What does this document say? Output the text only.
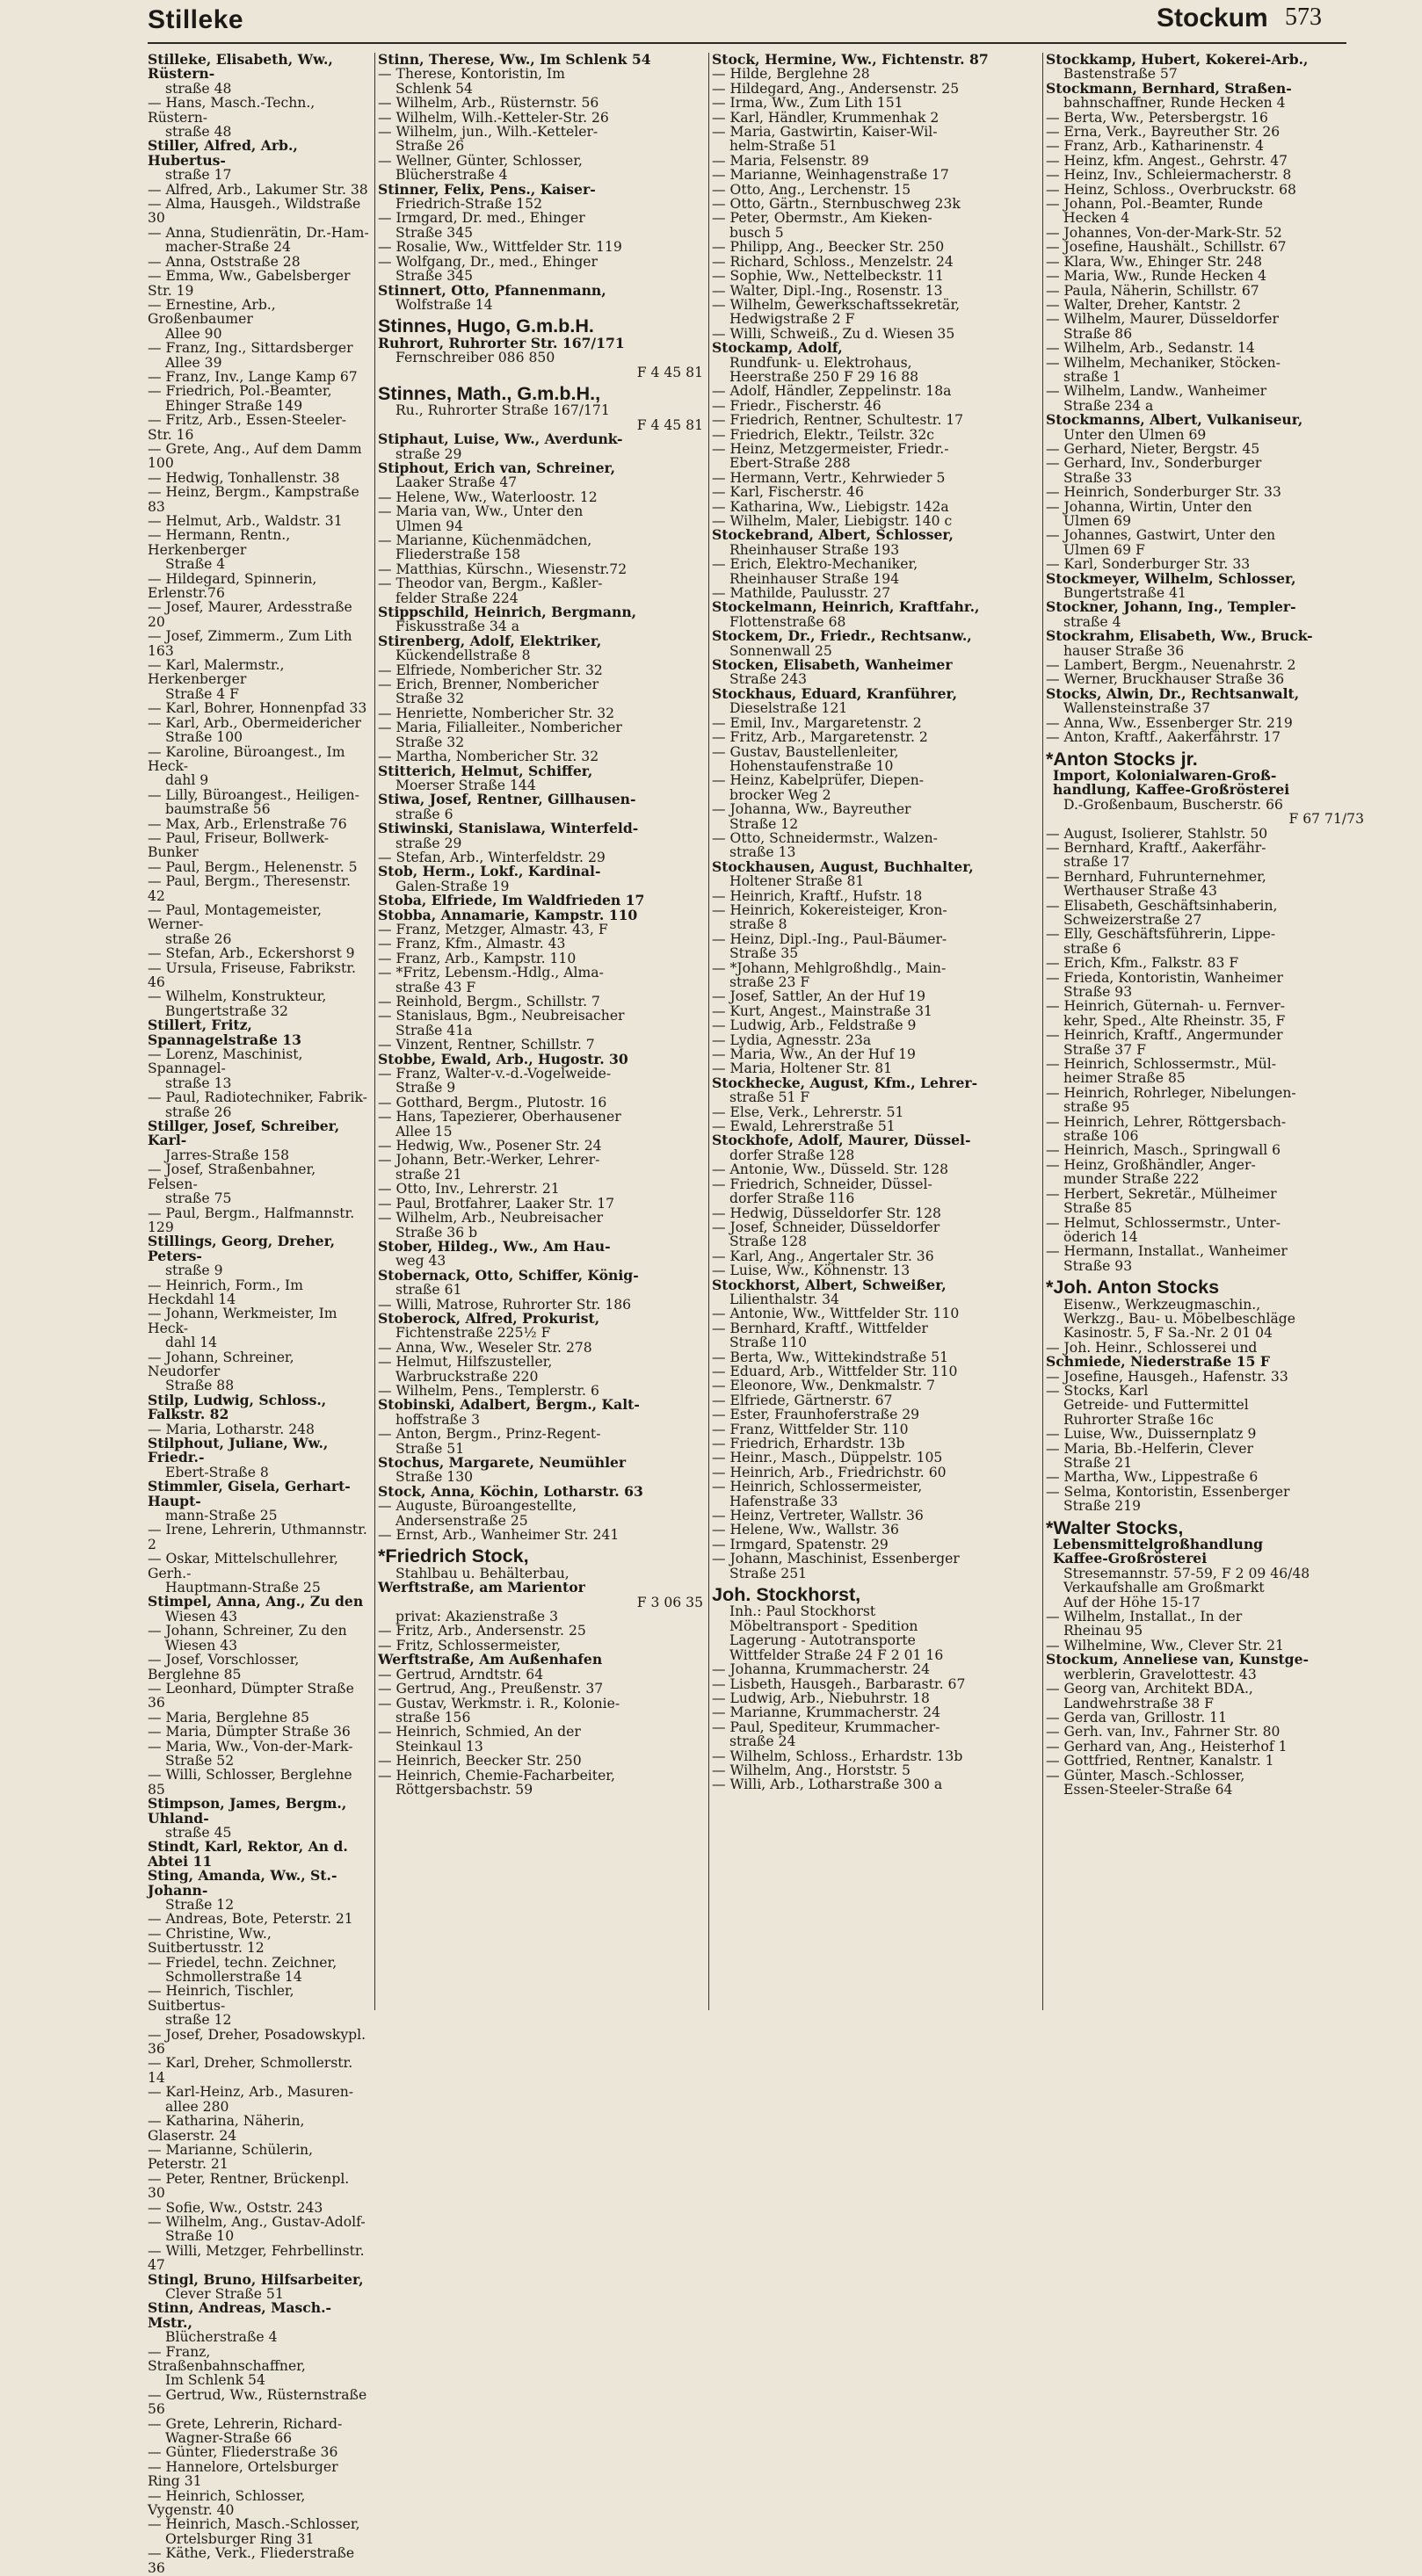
Stilleke	Stockum 573
Stilleke, Elisabeth, Ww., Rüstern-
straße 48
— Hans, Masch.-Techn., Rüstern-
straße 48
Stiller, Alfred, Arb., Hubertus-
straße 17
— Alfred, Arb., Lakumer Str. 38
— Alma, Hausgeh., Wildstraße 30
— Anna, Studienrätin, Dr.-Ham-
macher-Straße 24
— Anna, Oststraße 28
— Emma, Ww., Gabelsberger Str. 19
— Ernestine, Arb., Großenbaumer
Allee 90
— Franz, Ing., Sittardsberger
Allee 39
— Franz, Inv., Lange Kamp 67
— Friedrich, Pol.-Beamter,
Ehinger Straße 149
— Fritz, Arb., Essen-Steeler-Str. 16
— Grete, Ang., Auf dem Damm 100
— Hedwig, Tonhallenstr. 38
— Heinz, Bergm., Kampstraße 83
— Helmut, Arb., Waldstr. 31
— Hermann, Rentn., Herkenberger
Straße 4
— Hildegard, Spinnerin, Erlenstr.76
— Josef, Maurer, Ardesstraße 20
— Josef, Zimmerm., Zum Lith 163
— Karl, Malermstr., Herkenberger
Straße 4 F
— Karl, Bohrer, Honnenpfad 33
— Karl, Arb., Obermeidericher
Straße 100
— Karoline, Büroangest., Im Heck-
dahl 9
— Lilly, Büroangest., Heiligen-
baumstraße 56
— Max, Arb., Erlenstraße 76
— Paul, Friseur, Bollwerk-Bunker
— Paul, Bergm., Helenenstr. 5
— Paul, Bergm., Theresenstr. 42
— Paul, Montagemeister, Werner-
straße 26
— Stefan, Arb., Eckershorst 9
— Ursula, Friseuse, Fabrikstr. 46
— Wilhelm, Konstrukteur,
Bungertstraße 32
Stillert, Fritz, Spannagelstraße 13
— Lorenz, Maschinist, Spannagel-
straße 13
— Paul, Radiotechniker, Fabrik-
straße 26
Stillger, Josef, Schreiber, Karl-
Jarres-Straße 158
— Josef, Straßenbahner, Felsen-
straße 75
— Paul, Bergm., Halfmannstr. 129
Stillings, Georg, Dreher, Peters-
straße 9
— Heinrich, Form., Im Heckdahl 14
— Johann, Werkmeister, Im Heck-
dahl 14
— Johann, Schreiner, Neudorfer
Straße 88
Stilp, Ludwig, Schloss., Falkstr. 82
— Maria, Lotharstr. 248
Stilphout, Juliane, Ww., Friedr.-
Ebert-Straße 8
Stimmler, Gisela, Gerhart-Haupt-
mann-Straße 25
— Irene, Lehrerin, Uthmannstr. 2
— Oskar, Mittelschullehrer, Gerh.-
Hauptmann-Straße 25
Stimpel, Anna, Ang., Zu den
Wiesen 43
— Johann, Schreiner, Zu den
Wiesen 43
— Josef, Vorschlosser, Berglehne 85
— Leonhard, Dümpter Straße 36
— Maria, Berglehne 85
— Maria, Dümpter Straße 36
— Maria, Ww., Von-der-Mark-
Straße 52
— Willi, Schlosser, Berglehne 85
Stimpson, James, Bergm., Uhland-
straße 45
Stindt, Karl, Rektor, An d. Abtei 11
Sting, Amanda, Ww., St.-Johann-
Straße 12
— Andreas, Bote, Peterstr. 21
— Christine, Ww., Suitbertusstr. 12
— Friedel, techn. Zeichner,
Schmollerstraße 14
— Heinrich, Tischler, Suitbertus-
straße 12
— Josef, Dreher, Posadowskypl. 36
— Karl, Dreher, Schmollerstr. 14
— Karl-Heinz, Arb., Masuren-
allee 280
— Katharina, Näherin, Glaserstr. 24
— Marianne, Schülerin, Peterstr. 21
— Peter, Rentner, Brückenpl. 30
— Sofie, Ww., Oststr. 243
— Wilhelm, Ang., Gustav-Adolf-
Straße 10
— Willi, Metzger, Fehrbellinstr. 47
Stingl, Bruno, Hilfsarbeiter,
Clever Straße 51
Stinn, Andreas, Masch.-Mstr.,
Blücherstraße 4
— Franz, Straßenbahnschaffner,
Im Schlenk 54
— Gertrud, Ww., Rüsternstraße 56
— Grete, Lehrerin, Richard-
Wagner-Straße 66
— Günter, Fliederstraße 36
— Hannelore, Ortelsburger Ring 31
— Heinrich, Schlosser, Vygenstr. 40
— Heinrich, Masch.-Schlosser,
Ortelsburger Ring 31
— Käthe, Verk., Fliederstraße 36
Stinn, Therese, Ww., Im Schlenk 54
— Therese, Kontoristin, Im
Schlenk 54
— Wilhelm, Arb., Rüsternstr. 56
— Wilhelm, Wilh.-Ketteler-Str. 26
— Wilhelm, jun., Wilh.-Ketteler-
Straße 26
— Wellner, Günter, Schlosser,
Blücherstraße 4
Stinner, Felix, Pens., Kaiser-
Friedrich-Straße 152
— Irmgard, Dr. med., Ehinger
Straße 345
— Rosalie, Ww., Wittfelder Str. 119
— Wolfgang, Dr., med., Ehinger
Straße 345
Stinnert, Otto, Pfannenmann,
Wolfstraße 14
Stinnes, Hugo, G.m.b.H.
Ruhrort, Ruhrorter Str. 167/171
Fernschreiber 086 850
F 4 45 81
Stinnes, Math., G.m.b.H.,
Ru., Ruhrorter Straße 167/171
F 4 45 81
Stiphaut, Luise, Ww., Averdunk-
straße 29
Stiphout, Erich van, Schreiner,
Laaker Straße 47
— Helene, Ww., Waterloostr. 12
— Maria van, Ww., Unter den
Ulmen 94
— Marianne, Küchenmädchen,
Fliederstraße 158
— Matthias, Kürschn., Wiesenstr.72
— Theodor van, Bergm., Kaßler-
felder Straße 224
Stippschild, Heinrich, Bergmann,
Fiskusstraße 34 a
Stirenberg, Adolf, Elektriker,
Kückendellstraße 8
— Elfriede, Nombericher Str. 32
— Erich, Brenner, Nombericher
Straße 32
— Henriette, Nombericher Str. 32
— Maria, Filialleiter., Nombericher
Straße 32
— Martha, Nombericher Str. 32
Stitterich, Helmut, Schiffer,
Moerser Straße 144
Stiwa, Josef, Rentner, Gillhausen-
straße 6
Stiwinski, Stanislawa, Winterfeld-
straße 29
— Stefan, Arb., Winterfeldstr. 29
Stob, Herm., Lokf., Kardinal-
Galen-Straße 19
Stoba, Elfriede, Im Waldfrieden 17
Stobba, Annamarie, Kampstr. 110
— Franz, Metzger, Almastr. 43, F
— Franz, Kfm., Almastr. 43
— Franz, Arb., Kampstr. 110
— *Fritz, Lebensm.-Hdlg., Alma-
straße 43 F
— Reinhold, Bergm., Schillstr. 7
— Stanislaus, Bgm., Neubreisacher
Straße 41a
— Vinzent, Rentner, Schillstr. 7
Stobbe, Ewald, Arb., Hugostr. 30
— Franz, Walter-v.-d.-Vogelweide-
Straße 9
— Gotthard, Bergm., Plutostr. 16
— Hans, Tapezierer, Oberhausener
Allee 15
— Hedwig, Ww., Posener Str. 24
— Johann, Betr.-Werker, Lehrer-
straße 21
— Otto, Inv., Lehrerstr. 21
— Paul, Brotfahrer, Laaker Str. 17
— Wilhelm, Arb., Neubreisacher
Straße 36 b
Stober, Hildeg., Ww., Am Hau-
weg 43
Stobernack, Otto, Schiffer, König-
straße 61
— Willi, Matrose, Ruhrorter Str. 186
Stoberock, Alfred, Prokurist,
Fichtenstraße 225½ F
— Anna, Ww., Weseler Str. 278
— Helmut, Hilfszusteller,
Warbruckstraße 220
— Wilhelm, Pens., Templerstr. 6
Stobinski, Adalbert, Bergm., Kalt-
hoffstraße 3
— Anton, Bergm., Prinz-Regent-
Straße 51
Stochus, Margarete, Neumühler
Straße 130
Stock, Anna, Köchin, Lotharstr. 63
— Auguste, Büroangestellte,
Andersenstraße 25
— Ernst, Arb., Wanheimer Str. 241
*Friedrich Stock,
Stahlbau u. Behälterbau,
Werftstraße, am Marientor
F 3 06 35
privat: Akazienstraße 3
— Fritz, Arb., Andersenstr. 25
— Fritz, Schlossermeister,
Werftstraße, Am Außenhafen
— Gertrud, Arndtstr. 64
— Gertrud, Ang., Preußenstr. 37
— Gustav, Werkmstr. i. R., Kolonie-
straße 156
— Heinrich, Schmied, An der
Steinkaul 13
— Heinrich, Beecker Str. 250
— Heinrich, Chemie-Facharbeiter,
Röttgersbachstr. 59
Stock, Hermine, Ww., Fichtenstr. 87
— Hilde, Berglehne 28
— Hildegard, Ang., Andersenstr. 25
— Irma, Ww., Zum Lith 151
— Karl, Händler, Krummenhak 2
— Maria, Gastwirtin, Kaiser-Wil-
helm-Straße 51
— Maria, Felsenstr. 89
— Marianne, Weinhagenstraße 17
— Otto, Ang., Lerchenstr. 15
— Otto, Gärtn., Sternbuschweg 23k
— Peter, Obermstr., Am Kieken-
busch 5
— Philipp, Ang., Beecker Str. 250
— Richard, Schloss., Menzelstr. 24
— Sophie, Ww., Nettelbeckstr. 11
— Walter, Dipl.-Ing., Rosenstr. 13
— Wilhelm, Gewerkschaftssekretär,
Hedwigstraße 2 F
— Willi, Schweiß., Zu d. Wiesen 35
Stockamp, Adolf,
Rundfunk- u. Elektrohaus,
Heerstraße 250 F 29 16 88
— Adolf, Händler, Zeppelinstr. 18a
— Friedr., Fischerstr. 46
— Friedrich, Rentner, Schultestr. 17
— Friedrich, Elektr., Teilstr. 32c
— Heinz, Metzgermeister, Friedr.-
Ebert-Straße 288
— Hermann, Vertr., Kehrwieder 5
— Karl, Fischerstr. 46
— Katharina, Ww., Liebigstr. 142a
— Wilhelm, Maler, Liebigstr. 140 c
Stockebrand, Albert, Schlosser,
Rheinhauser Straße 193
— Erich, Elektro-Mechaniker,
Rheinhauser Straße 194
— Mathilde, Paulusstr. 27
Stockelmann, Heinrich, Kraftfahr.,
Flottenstraße 68
Stockem, Dr., Friedr., Rechtsanw.,
Sonnenwall 25
Stocken, Elisabeth, Wanheimer
Straße 243
Stockhaus, Eduard, Kranführer,
Dieselstraße 121
— Emil, Inv., Margaretenstr. 2
— Fritz, Arb., Margaretenstr. 2
— Gustav, Baustellenleiter,
Hohenstaufenstraße 10
— Heinz, Kabelprüfer, Diepen-
brocker Weg 2
— Johanna, Ww., Bayreuther
Straße 12
— Otto, Schneidermstr., Walzen-
straße 13
Stockhausen, August, Buchhalter,
Holtener Straße 81
— Heinrich, Kraftf., Hufstr. 18
— Heinrich, Kokereisteiger, Kron-
straße 8
— Heinz, Dipl.-Ing., Paul-Bäumer-
Straße 35
— *Johann, Mehlgroßhdlg., Main-
straße 23 F
— Josef, Sattler, An der Huf 19
— Kurt, Angest., Mainstraße 31
— Ludwig, Arb., Feldstraße 9
— Lydia, Agnesstr. 23a
— Maria, Ww., An der Huf 19
— Maria, Holtener Str. 81
Stockhecke, August, Kfm., Lehrer-
straße 51 F
— Else, Verk., Lehrerstr. 51
— Ewald, Lehrerstraße 51
Stockhofe, Adolf, Maurer, Düssel-
dorfer Straße 128
— Antonie, Ww., Düsseld. Str. 128
— Friedrich, Schneider, Düssel-
dorfer Straße 116
— Hedwig, Düsseldorfer Str. 128
— Josef, Schneider, Düsseldorfer
Straße 128
— Karl, Ang., Angertaler Str. 36
— Luise, Ww., Köhnenstr. 13
Stockhorst, Albert, Schweißer,
Lilienthalstr. 34
— Antonie, Ww., Wittfelder Str. 110
— Bernhard, Kraftf., Wittfelder
Straße 110
— Berta, Ww., Wittekindstraße 51
— Eduard, Arb., Wittfelder Str. 110
— Eleonore, Ww., Denkmalstr. 7
— Elfriede, Gärtnerstr. 67
— Ester, Fraunhoferstraße 29
— Franz, Wittfelder Str. 110
— Friedrich, Erhardstr. 13b
— Heinr., Masch., Düppelstr. 105
— Heinrich, Arb., Friedrichstr. 60
— Heinrich, Schlossermeister,
Hafenstraße 33
— Heinz, Vertreter, Wallstr. 36
— Helene, Ww., Wallstr. 36
— Irmgard, Spatenstr. 29
— Johann, Maschinist, Essenberger
Straße 251
Joh. Stockhorst,
Inh.: Paul Stockhorst
Möbeltransport - Spedition
Lagerung - Autotransporte
Wittfelder Straße 24 F 2 01 16
— Johanna, Krummacherstr. 24
— Lisbeth, Hausgeh., Barbarastr. 67
— Ludwig, Arb., Niebuhrstr. 18
— Marianne, Krummacherstr. 24
— Paul, Spediteur, Krummacher-
straße 24
— Wilhelm, Schloss., Erhardstr. 13b
— Wilhelm, Ang., Horststr. 5
— Willi, Arb., Lotharstraße 300 a
Stockkamp, Hubert, Kokerei-Arb.,
Bastenstraße 57
Stockmann, Bernhard, Straßen-
bahnschaffner, Runde Hecken 4
— Berta, Ww., Petersbergstr. 16
— Erna, Verk., Bayreuther Str. 26
— Franz, Arb., Katharinenstr. 4
— Heinz, kfm. Angest., Gehrstr. 47
— Heinz, Inv., Schleiermacherstr. 8
— Heinz, Schloss., Overbruckstr. 68
— Johann, Pol.-Beamter, Runde
Hecken 4
— Johannes, Von-der-Mark-Str. 52
— Josefine, Haushält., Schillstr. 67
— Klara, Ww., Ehinger Str. 248
— Maria, Ww., Runde Hecken 4
— Paula, Näherin, Schillstr. 67
— Walter, Dreher, Kantstr. 2
— Wilhelm, Maurer, Düsseldorfer
Straße 86
— Wilhelm, Arb., Sedanstr. 14
— Wilhelm, Mechaniker, Stöcken-
straße 1
— Wilhelm, Landw., Wanheimer
Straße 234 a
Stockmanns, Albert, Vulkaniseur,
Unter den Ulmen 69
— Gerhard, Nieter, Bergstr. 45
— Gerhard, Inv., Sonderburger
Straße 33
— Heinrich, Sonderburger Str. 33
— Johanna, Wirtin, Unter den
Ulmen 69
— Johannes, Gastwirt, Unter den
Ulmen 69 F
— Karl, Sonderburger Str. 33
Stockmeyer, Wilhelm, Schlosser,
Bungertstraße 41
Stockner, Johann, Ing., Templer-
straße 4
Stockrahm, Elisabeth, Ww., Bruck-
hauser Straße 36
— Lambert, Bergm., Neuenahrstr. 2
— Werner, Bruckhauser Straße 36
Stocks, Alwin, Dr., Rechtsanwalt,
Wallensteinstraße 37
— Anna, Ww., Essenberger Str. 219
— Anton, Kraftf., Aakerfährstr. 17
*Anton Stocks jr.
Import, Kolonialwaren-Groß-
handlung, Kaffee-Großrösterei
D.-Großenbaum, Buscherstr. 66
F 67 71/73
— August, Isolierer, Stahlstr. 50
— Bernhard, Kraftf., Aakerfähr-
straße 17
— Bernhard, Fuhrunternehmer,
Werthauser Straße 43
— Elisabeth, Geschäftsinhaberin,
Schweizerstraße 27
— Elly, Geschäftsführerin, Lippe-
straße 6
— Erich, Kfm., Falkstr. 83 F
— Frieda, Kontoristin, Wanheimer
Straße 93
— Heinrich, Güternah- u. Fernver-
kehr, Sped., Alte Rheinstr. 35, F
— Heinrich, Kraftf., Angermunder
Straße 37 F
— Heinrich, Schlossermstr., Mül-
heimer Straße 85
— Heinrich, Rohrleger, Nibelungen-
straße 95
— Heinrich, Lehrer, Röttgersbach-
straße 106
— Heinrich, Masch., Springwall 6
— Heinz, Großhändler, Anger-
munder Straße 222
— Herbert, Sekretär., Mülheimer
Straße 85
— Helmut, Schlossermstr., Unter-
öderich 14
— Hermann, Installat., Wanheimer
Straße 93
*Joh. Anton Stocks
Eisenw., Werkzeugmaschin.,
Werkzg., Bau- u. Möbelbeschläge
Kasinostr. 5, F Sa.-Nr. 2 01 04
— Joh. Heinr., Schlosserei und
Schmiede, Niederstraße 15 F
— Josefine, Hausgeh., Hafenstr. 33
— Stocks, Karl
Getreide- und Futtermittel
Ruhrorter Straße 16c
— Luise, Ww., Duissernplatz 9
— Maria, Bb.-Helferin, Clever
Straße 21
— Martha, Ww., Lippestraße 6
— Selma, Kontoristin, Essenberger
Straße 219
*Walter Stocks,
Lebensmittelgroßhandlung
Kaffee-Großrösterei
Stresemannstr. 57-59, F 2 09 46/48
Verkaufshalle am Großmarkt
Auf der Höhe 15-17
— Wilhelm, Installat., In der
Rheinau 95
— Wilhelmine, Ww., Clever Str. 21
Stockum, Anneliese van, Kunstge-
werblerin, Gravelottestr. 43
— Georg van, Architekt BDA.,
Landwehrstraße 38 F
— Gerda van, Grillostr. 11
— Gerh. van, Inv., Fahrner Str. 80
— Gerhard van, Ang., Heisterhof 1
— Gottfried, Rentner, Kanalstr. 1
— Günter, Masch.-Schlosser,
Essen-Steeler-Straße 64
